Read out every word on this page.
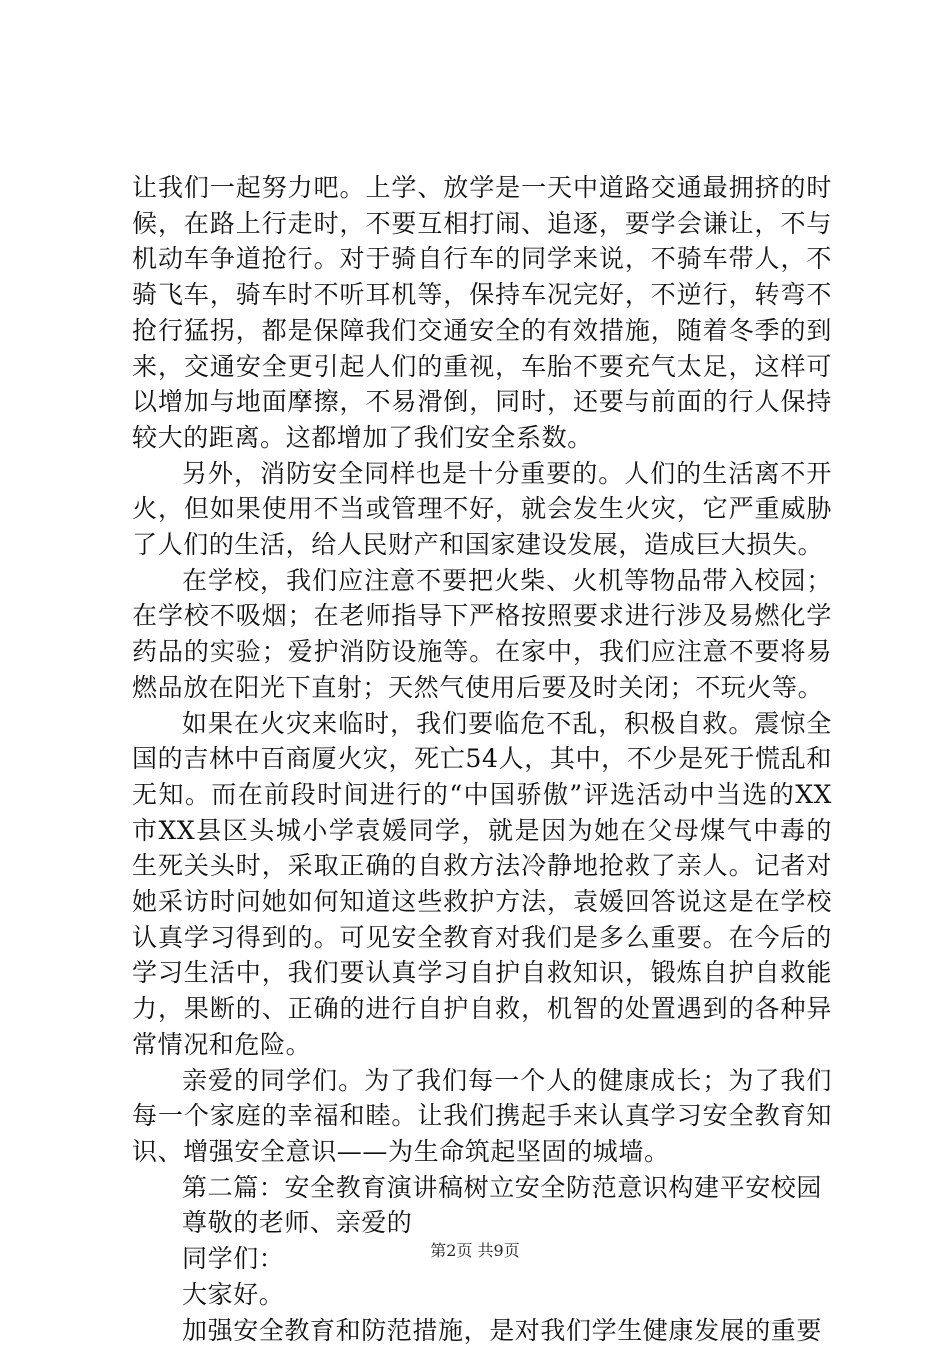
让我们一起努力吧。上学、放学是一天中道路交通最拥挤的时候，在路上行走时，不要互相打闹、追逐，要学会谦让，不与机动车争道抢行。对于骑自行车的同学来说，不骑车带人，不骑飞车，骑车时不听耳机等，保持车况完好，不逆行，转弯不抢行猛拐，都是保障我们交通安全的有效措施，随着冬季的到来，交通安全更引起人们的重视，车胎不要充气太足，这样可以增加与地面摩擦，不易滑倒，同时，还要与前面的行人保持较大的距离。这都增加了我们安全系数。

另外，消防安全同样也是十分重要的。人们的生活离不开火，但如果使用不当或管理不好，就会发生火灾，它严重威胁了人们的生活，给人民财产和国家建设发展，造成巨大损失。

在学校，我们应注意不要把火柴、火机等物品带入校园；在学校不吸烟；在老师指导下严格按照要求进行涉及易燃化学药品的实验；爱护消防设施等。在家中，我们应注意不要将易燃品放在阳光下直射；天然气使用后要及时关闭；不玩火等。

如果在火灾来临时，我们要临危不乱，积极自救。震惊全国的吉林中百商厦火灾，死亡54人，其中，不少是死于慌乱和无知。而在前段时间进行的“中国骄傲”评选活动中当选的XX市XX县区头城小学袁媛同学，就是因为她在父母煤气中毒的生死关头时，采取正确的自救方法冷静地抢救了亲人。记者对她采访时问她如何知道这些救护方法，袁媛回答说这是在学校认真学习得到的。可见安全教育对我们是多么重要。在今后的学习生活中，我们要认真学习自护自救知识，锻炼自护自救能力，果断的、正确的进行自护自救，机智的处置遇到的各种异常情况和危险。

亲爱的同学们。为了我们每一个人的健康成长；为了我们每一个家庭的幸福和睦。让我们携起手来认真学习安全教育知识、增强安全意识——为生命筑起坚固的城墙。

第二篇：安全教育演讲稿树立安全防范意识构建平安校园

尊敬的老师、亲爱的

同学们：

大家好。

加强安全教育和防范措施，是对我们学生健康发展的重要

第2页 共9页
